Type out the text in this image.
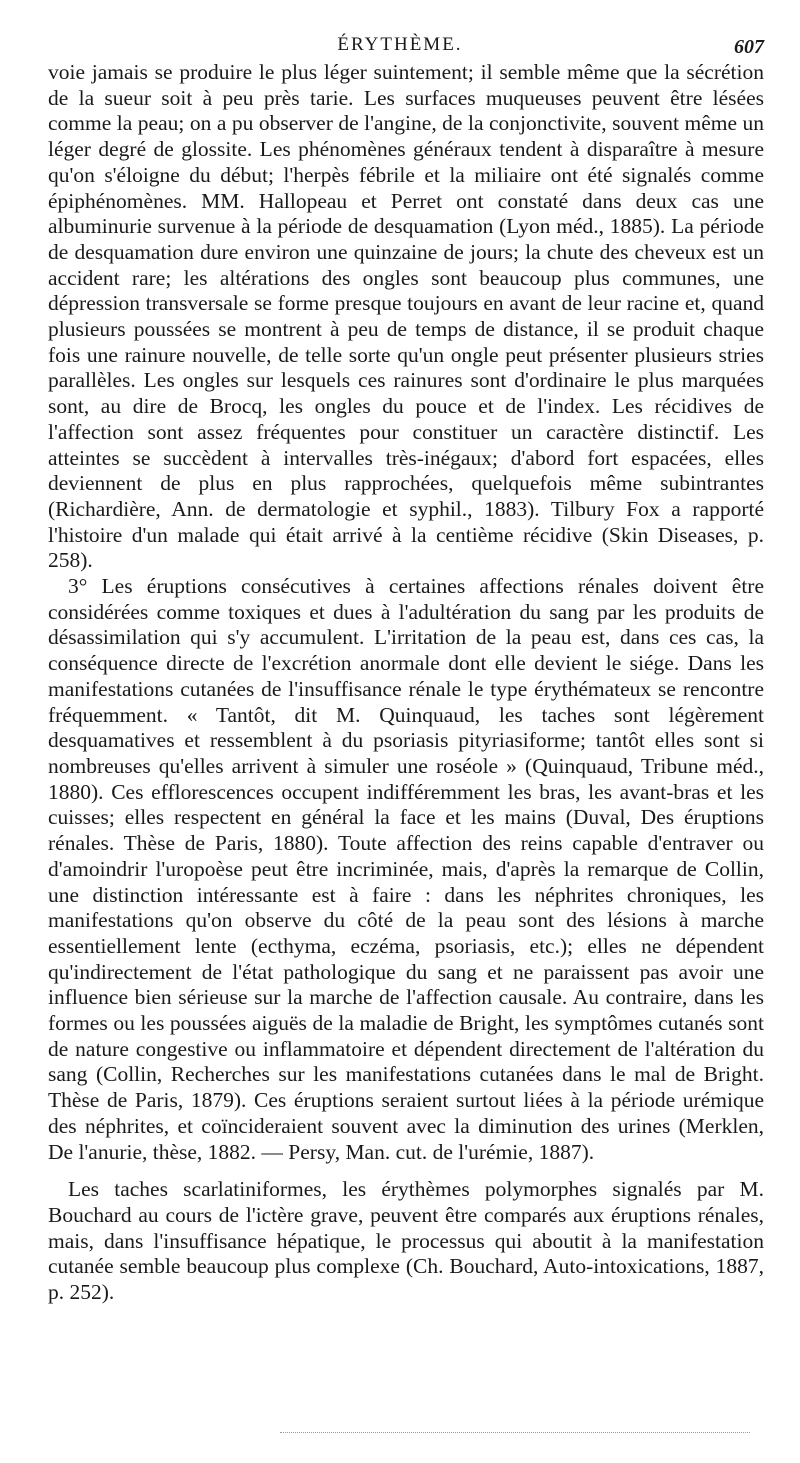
ÉRYTHÈME.	607

voie jamais se produire le plus léger suintement; il semble même que la sécrétion de la sueur soit à peu près tarie. Les surfaces muqueuses peuvent être lésées comme la peau; on a pu observer de l'angine, de la conjonctivite, souvent même un léger degré de glossite. Les phénomènes généraux tendent à disparaître à mesure qu'on s'éloigne du début; l'herpès fébrile et la miliaire ont été signalés comme épiphénomènes. MM. Hallopeau et Perret ont constaté dans deux cas une albuminurie survenue à la période de desquamation (Lyon méd., 1885). La période de desquamation dure environ une quinzaine de jours; la chute des cheveux est un accident rare; les altérations des ongles sont beaucoup plus communes, une dépression transversale se forme presque toujours en avant de leur racine et, quand plusieurs poussées se montrent à peu de temps de distance, il se produit chaque fois une rainure nouvelle, de telle sorte qu'un ongle peut présenter plusieurs stries parallèles. Les ongles sur lesquels ces rainures sont d'ordinaire le plus marquées sont, au dire de Brocq, les ongles du pouce et de l'index. Les récidives de l'affection sont assez fréquentes pour constituer un caractère distinctif. Les atteintes se succèdent à intervalles très-inégaux; d'abord fort espacées, elles deviennent de plus en plus rapprochées, quelquefois même subintrantes (Richardière, Ann. de dermatologie et syphil., 1883). Tilbury Fox a rapporté l'histoire d'un malade qui était arrivé à la centième récidive (Skin Diseases, p. 258).

3° Les éruptions consécutives à certaines affections rénales doivent être considérées comme toxiques et dues à l'adultération du sang par les produits de désassimilation qui s'y accumulent. L'irritation de la peau est, dans ces cas, la conséquence directe de l'excrétion anormale dont elle devient le siége. Dans les manifestations cutanées de l'insuffisance rénale le type érythémateux se rencontre fréquemment. « Tantôt, dit M. Quinquaud, les taches sont légèrement desquamatives et ressemblent à du psoriasis pityriasiforme; tantôt elles sont si nombreuses qu'elles arrivent à simuler une roséole » (Quinquaud, Tribune méd., 1880). Ces efflorescences occupent indifféremment les bras, les avant-bras et les cuisses; elles respectent en général la face et les mains (Duval, Des éruptions rénales. Thèse de Paris, 1880). Toute affection des reins capable d'entraver ou d'amoindrir l'uropoèse peut être incriminée, mais, d'après la remarque de Collin, une distinction intéressante est à faire : dans les néphrites chroniques, les manifestations qu'on observe du côté de la peau sont des lésions à marche essentiellement lente (ecthyma, eczéma, psoriasis, etc.); elles ne dépendent qu'indirectement de l'état pathologique du sang et ne paraissent pas avoir une influence bien sérieuse sur la marche de l'affection causale. Au contraire, dans les formes ou les poussées aiguës de la maladie de Bright, les symptômes cutanés sont de nature congestive ou inflammatoire et dépendent directement de l'altération du sang (Collin, Recherches sur les manifestations cutanées dans le mal de Bright. Thèse de Paris, 1879). Ces éruptions seraient surtout liées à la période urémique des néphrites, et coïncideraient souvent avec la diminution des urines (Merklen, De l'anurie, thèse, 1882. — Persy, Man. cut. de l'urémie, 1887).

Les taches scarlatiniformes, les érythèmes polymorphes signalés par M. Bouchard au cours de l'ictère grave, peuvent être comparés aux éruptions rénales, mais, dans l'insuffisance hépatique, le processus qui aboutit à la manifestation cutanée semble beaucoup plus complexe (Ch. Bouchard, Auto-intoxications, 1887, p. 252).
